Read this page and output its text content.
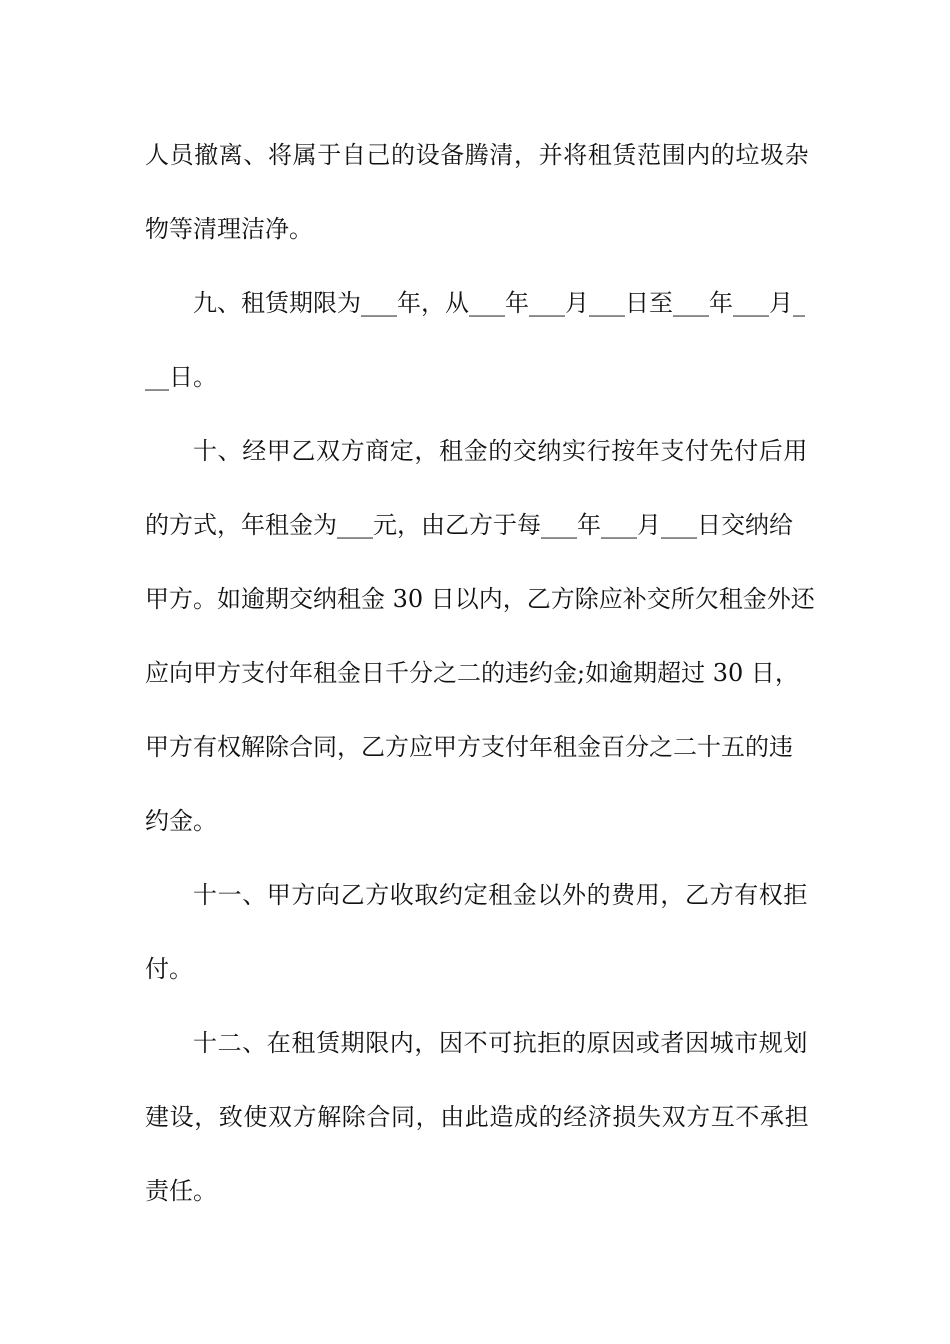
人员撤离、将属于自己的设备腾清，并将租赁范围内的垃圾杂
物等清理洁净。
九、租赁期限为___年，从___年___月___日至___年___月_
__日。
十、经甲乙双方商定，租金的交纳实行按年支付先付后用
的方式，年租金为___元，由乙方于每___年___月___日交纳给
甲方。如逾期交纳租金 30 日以内，乙方除应补交所欠租金外还
应向甲方支付年租金日千分之二的违约金;如逾期超过 30 日，
甲方有权解除合同，乙方应甲方支付年租金百分之二十五的违
约金。
十一、甲方向乙方收取约定租金以外的费用，乙方有权拒
付。
十二、在租赁期限内，因不可抗拒的原因或者因城市规划
建设，致使双方解除合同，由此造成的经济损失双方互不承担
责任。
